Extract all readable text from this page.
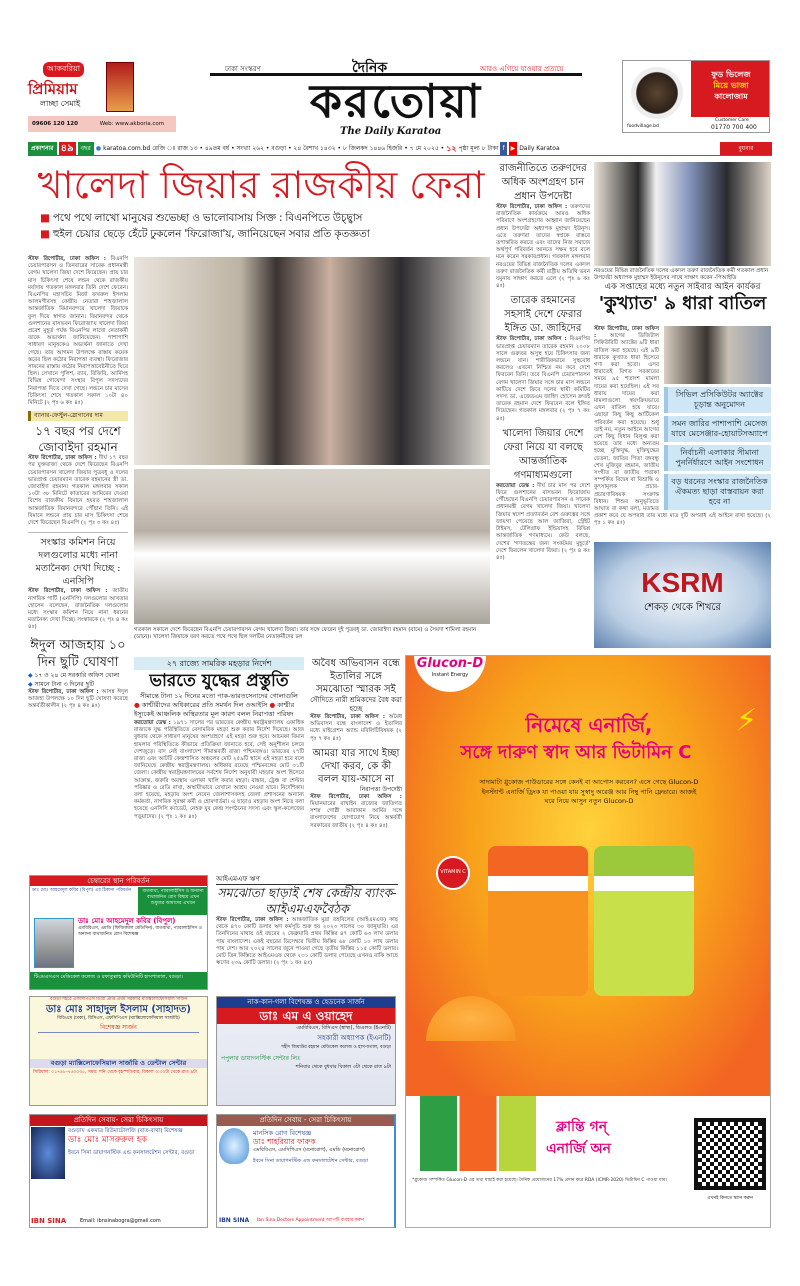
আকবরিয়া
প্রিমিয়াম
লাচ্ছা সেমাই
09606 120 120	Web: www.akboria.com
ঢাকা সংস্করণ	দৈনিক	আরও এগিয়ে যাওয়ার প্রত্যয়ে
করতোয়া
The Daily Karatoa
ফুড ভিলেজ
মিয়ে ভাজা
কালোজাম
foodvillage.bd
Customer Care
01770 700 400
প্রকাশনার ৪৯	বছর ● karatoa.com.bd রেজি ঃ রাজ ১৩ • ৪৯তম বর্ষ • সংখ্যা ২৬২ • বগুড়া • ২৪ বৈশাখ ১৪৩২ • ৮ জিলকদ ১৪৪৬ হিজরি • ৭ মে ২০২৫ • ১২ পৃষ্ঠা মূল্য ৮ টাকা f	▶ Daily Karatoa	বুধবার
খালেদা জিয়ার রাজকীয় ফেরা
■ পথে পথে লাখো মানুষের শুভেচ্ছা ও ভালোবাসায় সিক্ত : বিএনপিতে উচ্ছ্বাস
■ হুইল চেয়ার ছেড়ে হেঁটে ঢুকলেন 'ফিরোজা'য়, জানিয়েছেন সবার প্রতি কৃতজ্ঞতা
স্টাফ রিপোর্টার, ঢাকা অফিস : বিএনপি চেয়ারপারসন ও তিনবারের সাবেক প্রধানমন্ত্রী বেগম খালেদা জিয়া দেশে ফিরেছেন। প্রায় চার মাস চিকিৎসা শেষে লন্ডন থেকে রাজকীয় মর্যাদায় গতকাল মঙ্গলবার তিনি দেশে ফেরেন। বিএনপির মহাসচিব মির্জা ফখরুল ইসলাম আলমগীরসহ কেন্দ্রীয় নেতারা শাহজালাল আন্তর্জাতিক বিমানবন্দরে খালেদা জিয়াকে ফুল দিয়ে স্বাগত জানান। বিমানবন্দর থেকে গুলশানের বাসভবন ফিরোজা'য় খালেদা জিয়া প্রবেশ মুহূর্ত পর্যন্ত বিএনপির লাখো নেতাকর্মী তাকে অভ্যর্থনা জানিয়েছেন। পাশাপাশি সাধারণ মানুষকেও অভ্যর্থনা জানাতে দেখা গেছে। তার আগমন উপলক্ষে রাস্তায় কয়েক স্তরের ছিল কঠোর নিরাপত্তা ব্যবস্থা। ফিরোজার সামনের রাস্তায় কঠোর নিরাপত্তাবেষ্টনীতে ঘিরে ছিল। সেখানে পুলিশ, র‍্যাব, বিজিবি, আর্মিসহ বিভিন্ন গোয়েন্দা সংস্থার বিপুল সদস্যদের নিরাপত্তা দিতে দেখা গেছে। লন্ডনে চার মাসের চিকিৎসা শেষে গতকাল সকাল ১০টা ৪০ মিনিটে (২ পৃঃ ৬ কঃ ৪ঃ)
ব্যানার-ফেস্টুন-স্লোগানের দাম
১৭ বছর পর দেশে জোবাইদা রহমান
স্টাফ রিপোর্টার, ঢাকা অফিস : দীর্ঘ ১৭ বছর পর যুক্তরাজ্য থেকে দেশে ফিরেছেন বিএনপি চেয়ারপারসন খালেদা জিয়ার পুত্রবধূ ও দলের ভারপ্রাপ্ত চেয়ারম্যান তারেক রহমানের স্ত্রী ডা. জোবাইদা রহমান। গতকাল মঙ্গলবার সকাল ১০টা ৩৮ মিনিটে কাতারের আমিরের দেওয়া বিশেষ রাজকীয় বিমানে হযরত শাহজালাল আন্তর্জাতিক বিমানবন্দরে পৌঁছান তিনি। এই বিমানে লন্ডনে প্রায় চার মাস চিকিৎসা শেষে দেশে ফিরেছেন বিএনপি (২ পৃঃ ৩ কঃ ৪ঃ)
সংস্কার কমিশন নিয়ে দলগুলোর মধ্যে নানা মতানৈক্য দেখা দিচ্ছে : এনসিপি
স্টাফ রিপোর্টার, ঢাকা অফিস : জাতীয় নাগরিক পার্টি (এনসিপি) দলগুলোর আখতার হোসেন বলেছেন, রাজনৈতিক দলগুলোর মধ্যে সংস্কার কমিশন নিয়ে নানা ধরনের মতানৈক্য দেখা দিচ্ছে। সংস্কারকে (২ পৃঃ ৪ কঃ ৪ঃ)
ঈদুল আজহায় ১০ দিন ছুটি ঘোষণা
◆ ১৭ ও ২৪ মে সরকারি অফিস খোলা
◆ সামনে টানা ৩ দিনের ছুটি
স্টাফ রিপোর্টার, ঢাকা অফিস : আসন্ন ঈদুল আজহা উপলক্ষে ১০ দিন ছুটি ঘোষণা করেছে অন্তর্বর্তীকালীন (২ পৃঃ ৪ কঃ ৪ঃ)
গতকাল সকালে দেশে ফিরেছেন বিএনপি চেয়ারপারসন বেগম খালেদা জিয়া। তার সঙ্গে ফেরেন দুই পুত্রবধূ ডা. জোবাইদা রহমান (বামে) ও সৈয়দা শামিলা রহমান (ডানে)। খালেদা জিয়াকে বরণ করতে পথে পথে ছিল দলটির নেতাকর্মীদের ঢল
রাজনীতিতে তরুণদের অধিক অংশগ্রহণ চান প্রধান উপদেষ্টা
স্টাফ রিপোর্টার, ঢাকা অফিস : তরুণদের রাজনৈতিক কার্যক্রমে আরও অধিক পরিমাণে অংশগ্রহণের আহ্বান জানিয়েছেন প্রধান উপদেষ্টা অধ্যাপক মুহাম্মদ ইউনূস। এতে তরুণরা তাদের স্বপ্নকে বাস্তবে রূপান্তরিত করতে এবং তাদের নিজ সমাজে অর্থপূর্ণ পরিবর্তন আনতে সক্ষম হবে বলে মনে করেন সরকারপ্রধান। গতকাল মঙ্গলবার নরওয়ের বিভিন্ন রাজনৈতিক দলের একদল তরুণ রাজনৈতিক কর্মী রাষ্ট্রীয় অতিথি ভবন যমুনায় সাক্ষাৎ করতে এলে (২ পৃঃ ৬ কঃ ৪ঃ)
তারেক রহমানের সহসাই দেশে ফেরার ইঙ্গিত ডা. জাহিদের
স্টাফ রিপোর্টার, ঢাকা অফিস : বিএনপির ভারপ্রাপ্ত চেয়ারম্যান তারেক রহমান ২০০৮ সালে গুরুতর অসুস্থ হয়ে চিকিৎসার জন্য লন্ডনে যান। শারীরিকভাবে সুস্থবোধ করলেও এখনো নিশ্চিত নয় কবে দেশে ফিরবেন তিনি। তবে বিএনপি চেয়ারপারসন বেগম খালেদা জিয়ার সঙ্গে চার মাস লন্ডনে কাটিয়ে দেশে ফিরে দলের স্থায়ী কমিটির সদস্য ডা. এজেডএম জাহিদ হোসেন দ্রুতই তারেক রহমান দেশে ফিরবেন বলে ইঙ্গিত দিয়েছেন। গতকাল মঙ্গলবার (২ পৃঃ ৭ কঃ ৪ঃ)
খালেদা জিয়ার দেশে ফেরা নিয়ে যা বলছে আন্তর্জাতিক গণমাধ্যমগুলো
করতোয়া ডেস্ক : দীর্ঘ চার মাস পর দেশে ফিরে গুলশানের বাসভবন ফিরোজায় পৌঁছেছেন বিএনপি চেয়ারপারসন ও সাবেক প্রধানমন্ত্রী বেগম খালেদা জিয়া। খালেদা জিয়ার স্বদেশ প্রত্যাবর্তন বেশ গুরুত্বের সঙ্গে জায়গা পেয়েছে আল জাজিরা, স্ট্রেইট টাইমস, টেলিগ্রাফ ইন্ডিয়াসহ বিভিন্ন আন্তর্জাতিক গণমাধ্যমে। কেউ বলছে, দেশের 'গণতন্ত্রের জন্য সংকটময় মুহূর্তে' দেশে ফিরলেন খালেদা জিয়া। (২ পৃঃ ৪ কঃ ৪ঃ)
নরওয়ের বিভিন্ন রাজনৈতিক দলের একদল তরুণ রাজনৈতিক কর্মী গতকাল প্রধান উপদেষ্টা অধ্যাপক মুহাম্মদ ইউনূসের সাথে সাক্ষাৎ করেন -পিআইডি
এক সপ্তাহের মধ্যে নতুন সাইবার আইন কার্যকর
'কুখ্যাত' ৯ ধারা বাতিল
সিভিল প্রসিকিউটর অ্যাক্টের চূড়ান্ত অনুমোদন
সমন জারির পাশাপাশি মেসেজ যাবে মেসেঞ্জার-হোয়াটসঅ্যাপে
নির্বাচনী এলাকার সীমানা পুনর্নির্ধারণে আইন সংশোধন
বড় ধরনের সংস্কার রাজনৈতিক ঐকমত্য ছাড়া বাস্তবায়ন করা হবে না
স্টাফ রিপোর্টার, ঢাকা অফিস : আগের ডিজিটাল সিকিউরিটি অ্যাক্টের ৯টি ধারা বাতিল করা হয়েছে। এই ৯টি ধারাকে কুখ্যাত ধারা হিসেবে গণ্য করা হতো। এসব ধারাতেই বিগত সরকারের সময়ে ৯৫ শতাংশ মামলা দায়ের করা হয়েছিল। এই সব ধারায় দায়ের করা মামলাগুলো স্বয়ংক্রিয়ভাবে এখন বাতিল হয়ে যাবে। এছাড়া কিছু কিছু আর্টিকেল পরিবর্তন করা হয়েছে। শুধু তাই নয়, নতুন আইনে আগের বেশ কিছু বিধান বিলুপ্ত করা হয়েছে তার মধ্যে অন্যতম হচ্ছে মুক্তিযুদ্ধ, মুক্তিযুদ্ধের চেতনা, জাতির পিতা বঙ্গবন্ধু শেখ মুজিবুর রহমান, জাতীয় সংগীত বা জাতীয় পতাকা সম্পর্কিত বিদ্বেষ বা বিভ্রান্তি ও কুৎসামূলক প্রচার-প্রচারণাবিষয়ক সংক্রান্ত বিধান। শিশুর অনুভূতিতে আঘাত বা কথা বলা, মতামত প্রকাশ করে যে অপরাধ তার মধ্যে মাত্র দুটি অপরাধ এই আইনে রাখা হয়েছে। (২ পৃঃ ১ কঃ ৪ঃ)
KSRM
শেকড় থেকে শিখরে
২৭ রাজ্যে সামরিক মহড়ার নির্দেশ
ভারতে যুদ্ধের প্রস্তুতি
সীমান্তে টানা ১২ দিনের মতো পাক-ভারতসেনাদের গোলাগুলি
● কাশ্মীরীদের অধিকারের প্রতি সমর্থন দিল ওআইসি ● কাশ্মীর ইস্যুকেই আঞ্চলিক অস্থিরতার মূল কারণ বলল নিরাপত্তা পরিষদ
করতোয়া ডেস্ক : ১৯৭১ সালের পর ভারতের কেন্দ্রীয় স্বরাষ্ট্রমন্ত্রণালয় একাধিক রাজ্যকে যুদ্ধ পরিস্থিতিতে বেসামরিক মহড়া শুরু করার নির্দেশ দিয়েছে। আজ বুধবার থেকে সাধারণ মানুষের অংশগ্রহণে এই মহড়া শুরু হবে। আচমকা বিমান হামলার পরিস্থিতিতে কীভাবে প্রতিক্রিয়া জানাতে হবে, সেই অনুশীলন চলবে দেশজুড়ে। বাদ নেই বাংলাদেশ সীমান্তবর্তী রাজ্য পশ্চিমবঙ্গও। ভারতের ২৭টি রাজ্য এবং আটটি কেন্দ্রশাসিত অঞ্চলের মোট ২৫৯টি স্থানে এই মহড়া হবে বলে জানিয়েছে কেন্দ্রীয় স্বরাষ্ট্রমন্ত্রণালয়। অধিকার রয়েছে পশ্চিমবঙ্গের মোট ৩১টি জেলা। কেন্দ্রীয় স্বরাষ্ট্রমন্ত্রণালয়ের সর্বশেষ নির্দেশ অনুযায়ী মহড়ার অংশ হিসেবে আক্রান্ত, জরুরি অবস্থায় এলাকা খালি করার মহড়া। বাঙ্কার, ট্রেঞ্চ বা শেল্টার পরিষ্কার ও রেডি রাখা, অস্থায়ীভাবে যেখানে আশ্রয় নেওয়া যাবে। নির্দেশিকায় বলা হয়েছে, মহড়ায় অংশ নেবেন জেলাশাসকসহ জেলা প্রশাসনের অন্যান্য কর্মকর্তা, নাগরিক সুরক্ষা কর্মী ও হোমগার্ডরা। এ ছাড়াও মহড়ায় অংশ নিতে বলা হয়েছে এনসিসি ক্যাডেট, নেহরু যুব কেন্দ্র সংগঠনের সদস্য এবং স্কুল-কলেজের পড়ুয়াদের। (২ পৃঃ ১ কঃ ৪ঃ)
অবৈধ অভিবাসন বন্ধে ইতালির সঙ্গে সমঝোতা স্মারক সই
সৌদিতে নারী শ্রমিকদের বৈধ করা হচ্ছে
স্টাফ রিপোর্টার, ঢাকা অফিস : অবৈধ অভিবাসন বন্ধে বাংলাদেশ ও ইতালির মধ্যে মাইগ্রেশন অ্যান্ড মবিলিটিবিষয়ক (২ পৃঃ ৭ কঃ ৪ঃ)
আমরা যার সাথে ইচ্ছা দেখা করব, কে কী বলল যায়-আসে না
নিরাপত্তা উপদেষ্টা
স্টাফ রিপোর্টার, ঢাকা অফিস : মিয়ানমারের রাখাইন রাজ্যের জাতিগত সশস্ত্র গোষ্ঠী আরাকান আর্মির সঙ্গে বাংলাদেশের যোগাযোগ নিয়ে অন্তর্বর্তী সরকারের জাতীয় (২ পৃঃ ৪ কঃ ৪ঃ)
আইএমএফ ঋণ
সমঝোতা ছাড়াই শেষ কেন্দ্রীয় ব্যাংক-আইএমএফবৈঠক
স্টাফ রিপোর্টার, ঢাকা অফিস : আন্তর্জাতিক মুদ্রা তহবিলের (আইএমএফ) কাছ থেকে ৪৭০ কোটি ডলার ঋণ কর্মসূচি শুরু হয় ২০২৩ সালের ৩০ জানুয়ারি। এর তিনদিনের মাথায় ওই বছরের ২ ফেব্রুয়ারি প্রথম কিস্তির ৪৭ কোটি ৬৩ লাখ ডলার পায় বাংলাদেশ। একই বছরের ডিসেম্বরে দ্বিতীয় কিস্তির ৬৮ কোটি ১০ লাখ ডলার পায় দেশ। আর ২০২৪ সালের জুনে পাওয়া গেছে তৃতীয় কিস্তির ১১৫ কোটি ডলার। মোট তিন কিস্তিতে আইএমএফ থেকে ২৩১ কোটি ডলার পেয়েছে এখনও বাকি আছে ঋণের ২৩৯ কোটি ডলার। (২ পৃঃ ১ কঃ ৪ঃ)
চেম্বারের স্থান পরিবর্তন
ডাঃ মোঃ আহমেদুল কবির (বিপুল) এর ঠিকানা পরিবর্তন	বাতব্যথা, প্যারালাইসিস ও অন্যান্য ব্যথাজনিত রোগ বিষয়ে এখন শুধুমাত্র আমাদের এখানে
ডাঃ মোঃ আহমেদুল কবির (বিপুল)
এমবিবিএস, এমডি (ফিজিক্যাল মেডিসিন), বাতব্যথা, প্যারালাইসিস ও অন্যান্য ব্যথাজনিত রোগ বিশেষজ্ঞ
টিএমএসএস মেডিকেল কলেজ ও রফাতুল্লাহ কমিউনিটি হাসপাতাল, বগুড়া।
বগুড়া শহরে এফসিপিএস ডিগ্রী প্রাপ্ত প্রথম সরকারি ম্যাক্সিলোফেসিয়াল সার্জন
ডাঃ মোঃ সাহাদুল ইসলাম (সাহাদত)
বিডিএস (ঢাকা), বিসিএস, এফসিপিএস (ম্যাক্সিলোফেসিয়াল সার্জারি)
বিশেষজ্ঞ সার্জন
বগুড়া ম্যাক্সিলোফেসিয়াল সার্জারি ও ডেন্টাল সেন্টার
সিরিয়াল: ০১৭৪৮-৭৫০০৩৫, সময়: শনি থেকে বৃহস্পতিবার, বিকাল ৩:৩০টা থেকে রাত ৯টা
নাক-কান-গলা বিশেষজ্ঞ ও হেডনেক সার্জন
ডাঃ এম এ ওয়াহেদ
এমবিবিএস, বিসিএস (স্বাস্থ্য), ডিএলও (ইএনটি)
সহকারী অধ্যাপক (ইএনটি)
শহীদ জিয়াউর রহমান মেডিকেল কলেজ ও হাসপাতাল, বগুড়া
পপুলার ডায়াগনস্টিক সেন্টার লিঃ
শনিবার থেকে বুধবার বিকাল ৩টা থেকে রাত ৯টা
প্রতিদিন সেবায়- সেরা চিকিৎসায়
বগুড়ায় একমাত্র রিউমাটোলজি (বাত-ব্যথা) বিশেষজ্ঞ
ডাঃ মোঃ মাসরুরুল হক
ইবনে সিনা ডায়াগনস্টিক এন্ড কনসালটেশন সেন্টার, বগুড়া
IBN SINA	Email: ibnsinabogra@gmail.com
প্রতিদিন সেবায় - সেরা চিকিৎসায়
মানসিক রোগ বিশেষজ্ঞ
ডাঃ শাহরিয়ার ফারুক
এমবিবিএস, এমসিপিএস (মনোরোগ), এমডি (মনোরোগ)
ইবনে সিনা ডায়াগনস্টিক এন্ড কনসালটেশন সেন্টার, বগুড়া
IBN SINA Ibn Sina Doctors Appointment অ্যাপটি ব্যবহার করুন
Glucon-D
Instant Energy
নিমেষে এনার্জি,
সঙ্গে দারুণ স্বাদ আর ভিটামিন C
⚡
সাদামাটা গ্লুকোজ পাউডারের সঙ্গে কেনই বা আপোস করবেন? এসে গেছে Glucon-D ইনস্ট্যান্ট এনার্জি ড্রিংক যা পাওয়া যায় সুস্বাদু অরেঞ্জ আর নিম্বু পানি ফ্লেভারে। আজই ঘরে নিয়ে আসুন নতুন Glucon-D
VITAMIN C
ক্লান্তি গন্
এনার্জি অন
এখনই কিনতে স্ক্যান করুন
*গ্লুকোজ সম্পর্কিত Glucon-D এর তথ্য যাচাই করা হয়েছে। দৈনিক প্রয়োজনের 17% প্রদান করে RDA (ICMR-2020) ভিটামিন C পাওয়া যায়।
